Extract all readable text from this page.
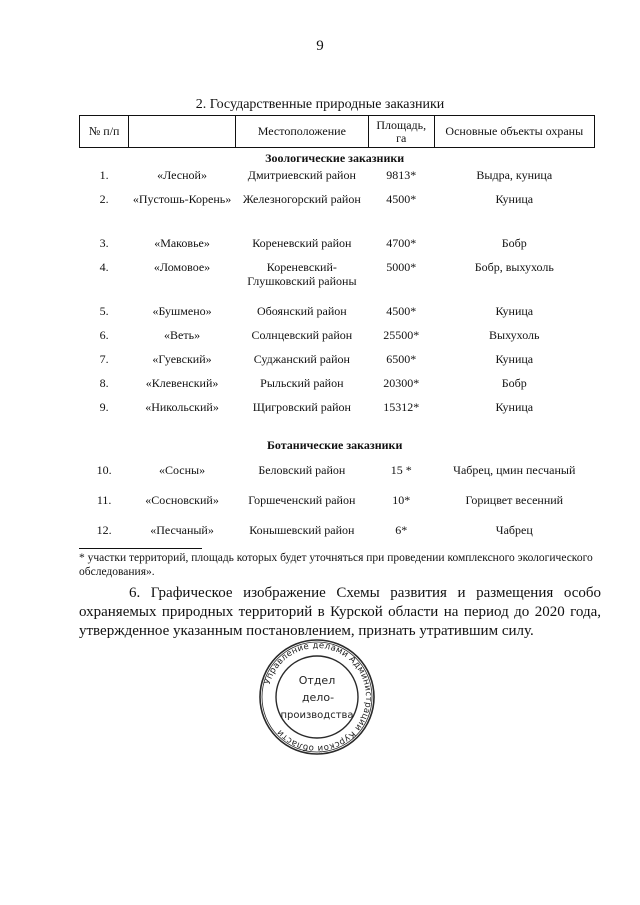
9
2. Государственные природные заказники
№ п/п		Местоположение	Площадь, га	Основные объекты охраны
		Зоологические заказники		
1.	«Лесной»	Дмитриевский район	9813*	Выдра, куница
2.	«Пустошь-Корень»	Железногорский район	4500*	Куница
3.	«Маковье»	Кореневский район	4700*	Бобр
4.	«Ломовое»	Кореневский-Глушковский районы	5000*	Бобр, выхухоль
5.	«Бушмено»	Обоянский район	4500*	Куница
6.	«Веть»	Солнцевский район	25500*	Выхухоль
7.	«Гуевский»	Суджанский район	6500*	Куница
8.	«Клевенский»	Рыльский район	20300*	Бобр
9.	«Никольский»	Щигровский район	15312*	Куница
		Ботанические заказники		
10.	«Сосны»	Беловский район	15 *	Чабрец, цмин песчаный
11.	«Сосновский»	Горшеченский район	10*	Горицвет весенний
12.	«Песчаный»	Конышевский район	6*	Чабрец
* участки территорий, площадь которых будет уточняться при проведении комплексного экологического обследования».
6. Графическое изображение Схемы развития и размещения особо охраняемых природных территорий в Курской области на период до 2020 года, утвержденное указанным постановлением, признать утратившим силу.
Управление делами Администрации Курской области
Отдел
дело-
производства
